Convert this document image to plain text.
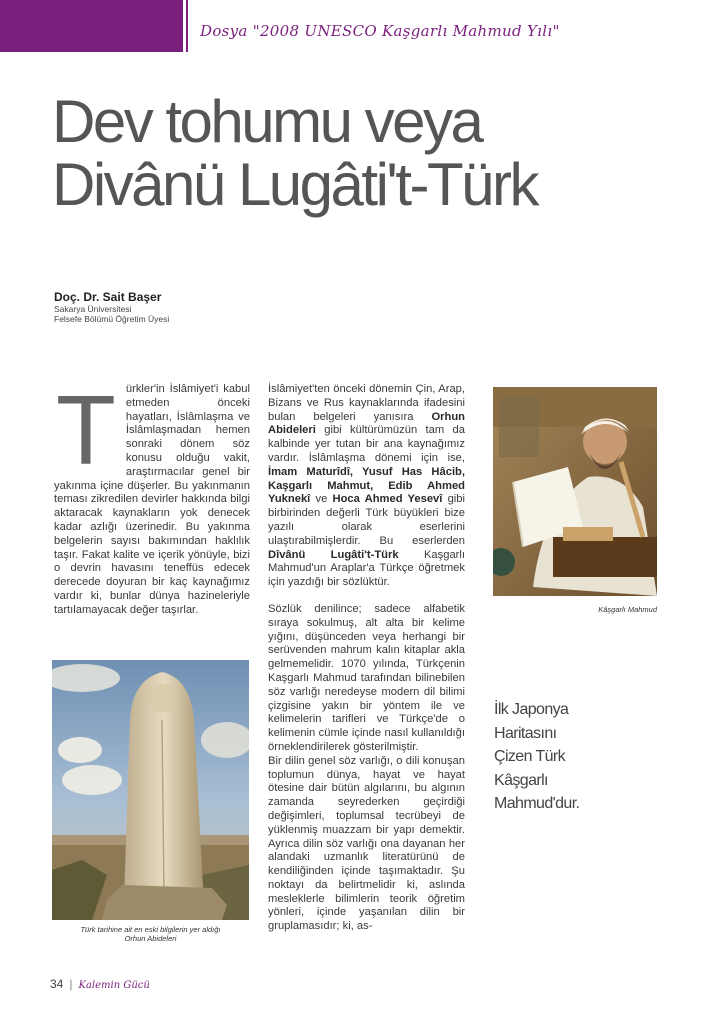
Dosya "2008 UNESCO Kaşgarlı Mahmud Yılı"
Dev tohumu veya
Divânü Lugâti't-Türk
Doç. Dr. Sait Başer
Sakarya Üniversitesi
Felsefe Bölümü Öğretim Üyesi
T ürkler'in İslâmiyet'i kabul etmeden önceki hayatları, İslâmlaşma ve İslâmlaşmadan hemen sonraki dönem söz konusu olduğu vakit, araştırmacılar genel bir yakınma içine düşerler. Bu yakınmanın teması zikredilen devirler hakkında bilgi aktaracak kaynakların yok denecek kadar azlığı üzerinedir. Bu yakınma belgelerin sayısı bakımından haklılık taşır. Fakat kalite ve içerik yönüyle, bizi o devrin havasını teneffüs edecek derecede doyuran bir kaç kaynağımız vardır ki, bunlar dünya hazineleriyle tartılamayacak değer taşırlar.

Türk tarihine ait en eski bilgilerin yer aldığı
Orhun Abideleri

İslâmiyet'ten önceki dönemin Çin, Arap, Bizans ve Rus kaynaklarında ifadesini bulan belgeleri yanısıra Orhun Abideleri gibi kültürümüzün tam da kalbinde yer tutan bir ana kaynağımız vardır. İslâmlaşma dönemi için ise, İmam Maturîdî, Yusuf Has Hâcib, Kaşgarlı Mahmut, Edib Ahmed Yuknekî ve Hoca Ahmed Yesevî gibi birbirinden değerli Türk büyükleri bize yazılı olarak eserlerini ulaştırabilmişlerdir. Bu eserlerden Dîvânü Lugâti't-Türk Kaşgarlı Mahmud'un Araplar'a Türkçe öğretmek için yazdığı bir sözlüktür.

Sözlük denilince; sadece alfabetik sıraya sokulmuş, alt alta bir kelime yığını, düşünceden veya herhangi bir serüvenden mahrum kalın kitaplar akla gelmemelidir. 1070 yılında, Türkçenin Kaşgarlı Mahmud tarafından bilinebilen söz varlığı neredeyse modern dil bilimi çizgisine yakın bir yöntem ile ve kelimelerin tarifleri ve Türkçe'de o kelimenin cümle içinde nasıl kullanıldığı örneklendirilerek gösterilmiştir.

Bir dilin genel söz varlığı, o dili konuşan toplumun dünya, hayat ve hayat ötesine dair bütün algılarını, bu algının zamanda seyrederken geçirdiği değişimleri, toplumsal tecrübeyi de yüklenmiş muazzam bir yapı demektir. Ayrıca dilin söz varlığı ona dayanan her alandaki uzmanlık literatürünü de kendiliğinden içinde taşımaktadır. Şu noktayı da belirtmelidir ki, aslında mesleklerle bilimlerin teorik öğretim yönleri, içinde yaşanılan dilin bir gruplamasıdır; ki, as-

Kâşgarlı Mahmud
İlk Japonya
Haritasını
Çizen Türk
Kâşgarlı
Mahmud'dur.
34 | Kalemin Gücü
